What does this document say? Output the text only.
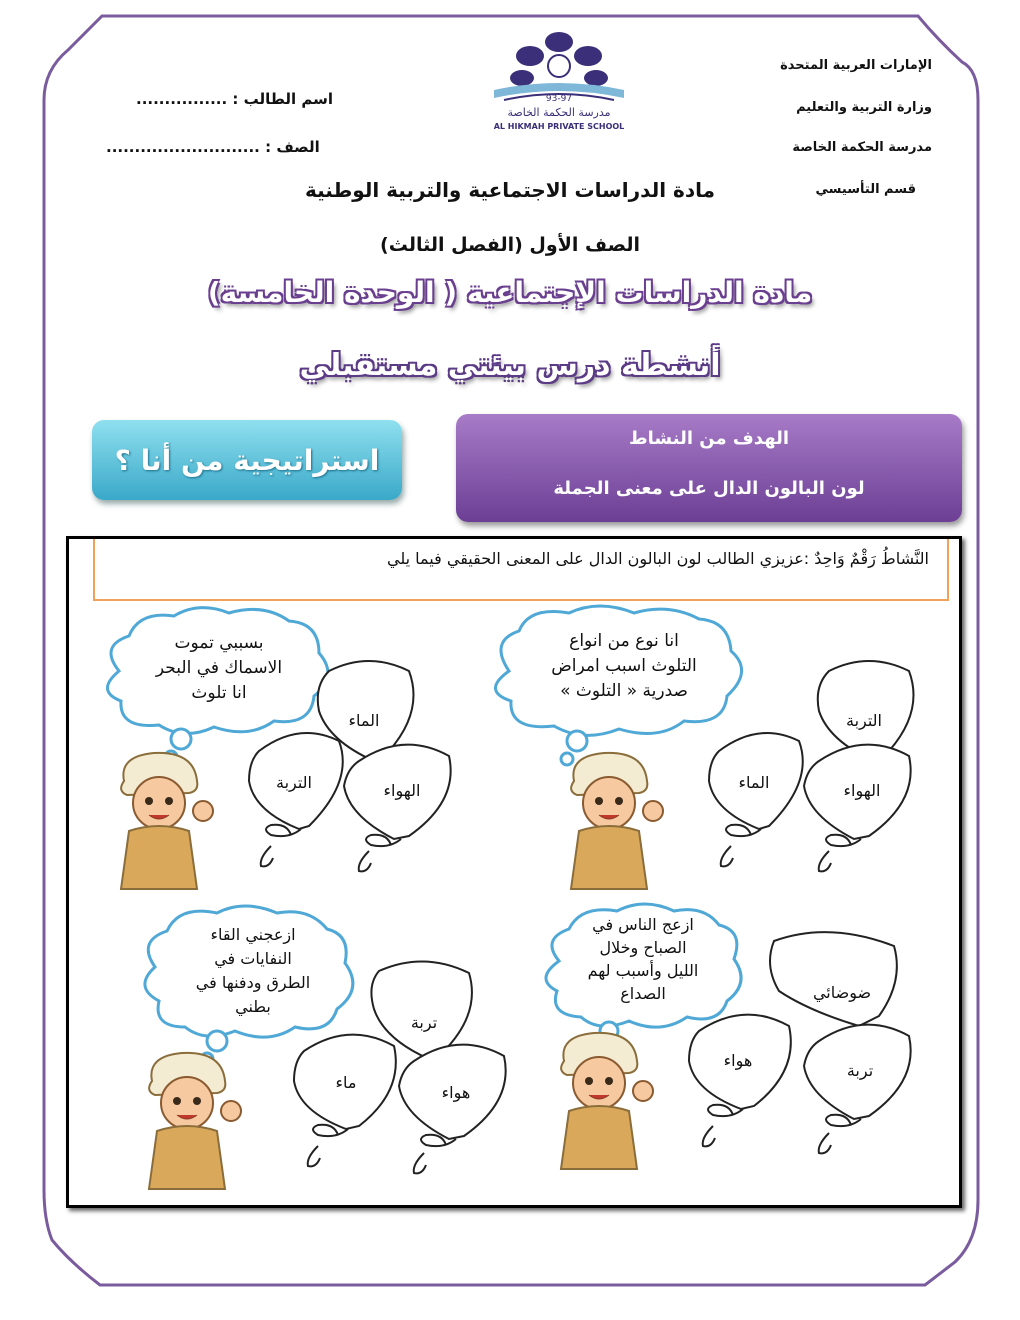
الإمارات العربية المتحدة
وزارة التربية والتعليم
مدرسة الحكمة الخاصة
قسم التأسيسي
اسم الطالب : ................
الصف : ...........................
93-97
مدرسة الحكمة الخاصة
AL HIKMAH PRIVATE SCHOOL
مادة الدراسات الاجتماعية والتربية الوطنية
الصف الأول (الفصل الثالث)
مادة الدراسات الإجتماعية ( الوحدة الخامسة)
أنشطة درس بيئتي مستقبلي
استراتيجية من أنا ؟
الهدف من النشاط
لون البالون الدال على معنى الجملة
النَّشاطُ رَقْمٌ وَاحِدٌ :عزيزي الطالب لون البالون الدال على المعنى الحقيقي فيما يلي
انا نوع من انواع
التلوث اسبب امراض
صدرية « التلوث »
التربة
الماء	الهواء
بسببي تموت
الاسماك في البحر
انا تلوث
الماء
التربة	الهواء
ازعج الناس في
الصباح وخلال
الليل وأسبب لهم
الصداع	ضوضائي
هواء
تربة
ازعجني القاء
النفايات في
الطرق ودفنها في
بطني
تربة
ماء
هواء
